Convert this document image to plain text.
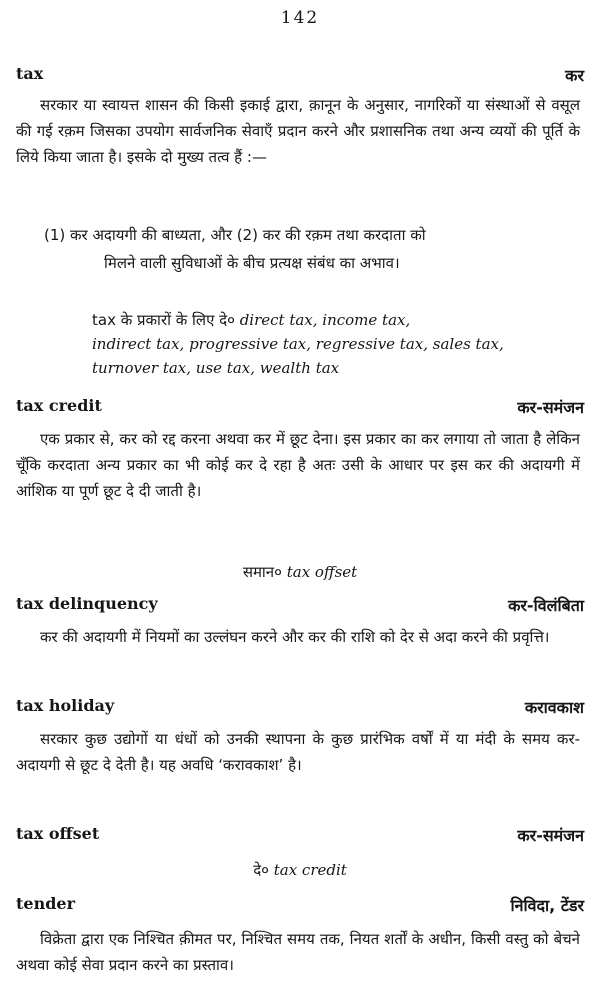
142
tax	कर

सरकार या स्वायत्त शासन की किसी इकाई द्वारा, क़ानून के अनुसार, नागरिकों या संस्थाओं से वसूल की गई रक़म जिसका उपयोग सार्वजनिक सेवाएँ प्रदान करने और प्रशासनिक तथा अन्य व्ययों की पूर्ति के लिये किया जाता है। इसके दो मुख्य तत्व हैं :—

(1) कर अदायगी की बाध्यता, और (2) कर की रक़म तथा करदाता को

मिलने वाली सुविधाओं के बीच प्रत्यक्ष संबंध का अभाव।

tax के प्रकारों के लिए दे० direct tax, income tax,
indirect tax, progressive tax, regressive tax, sales tax,
turnover tax, use tax, wealth tax
tax credit	कर-समंजन

एक प्रकार से, कर को रद्द करना अथवा कर में छूट देना। इस प्रकार का कर लगाया तो जाता है लेकिन चूँकि करदाता अन्य प्रकार का भी कोई कर दे रहा है अतः उसी के आधार पर इस कर की अदायगी में आंशिक या पूर्ण छूट दे दी जाती है।

समान० tax offset
tax delinquency	कर-विलंबिता

कर की अदायगी में नियमों का उल्लंघन करने और कर की राशि को देर से अदा करने की प्रवृत्ति।

tax holiday	करावकाश

सरकार कुछ उद्योगों या धंधों को उनकी स्थापना के कुछ प्रारंभिक वर्षों में या मंदी के समय कर-अदायगी से छूट दे देती है। यह अवधि ‘करावकाश’ है।

tax offset	कर-समंजन
दे० tax credit
tender	निविदा, टेंडर

विक्रेता द्वारा एक निश्चित क़ीमत पर, निश्चित समय तक, नियत शर्तों के अधीन, किसी वस्तु को बेचने अथवा कोई सेवा प्रदान करने का प्रस्ताव।
